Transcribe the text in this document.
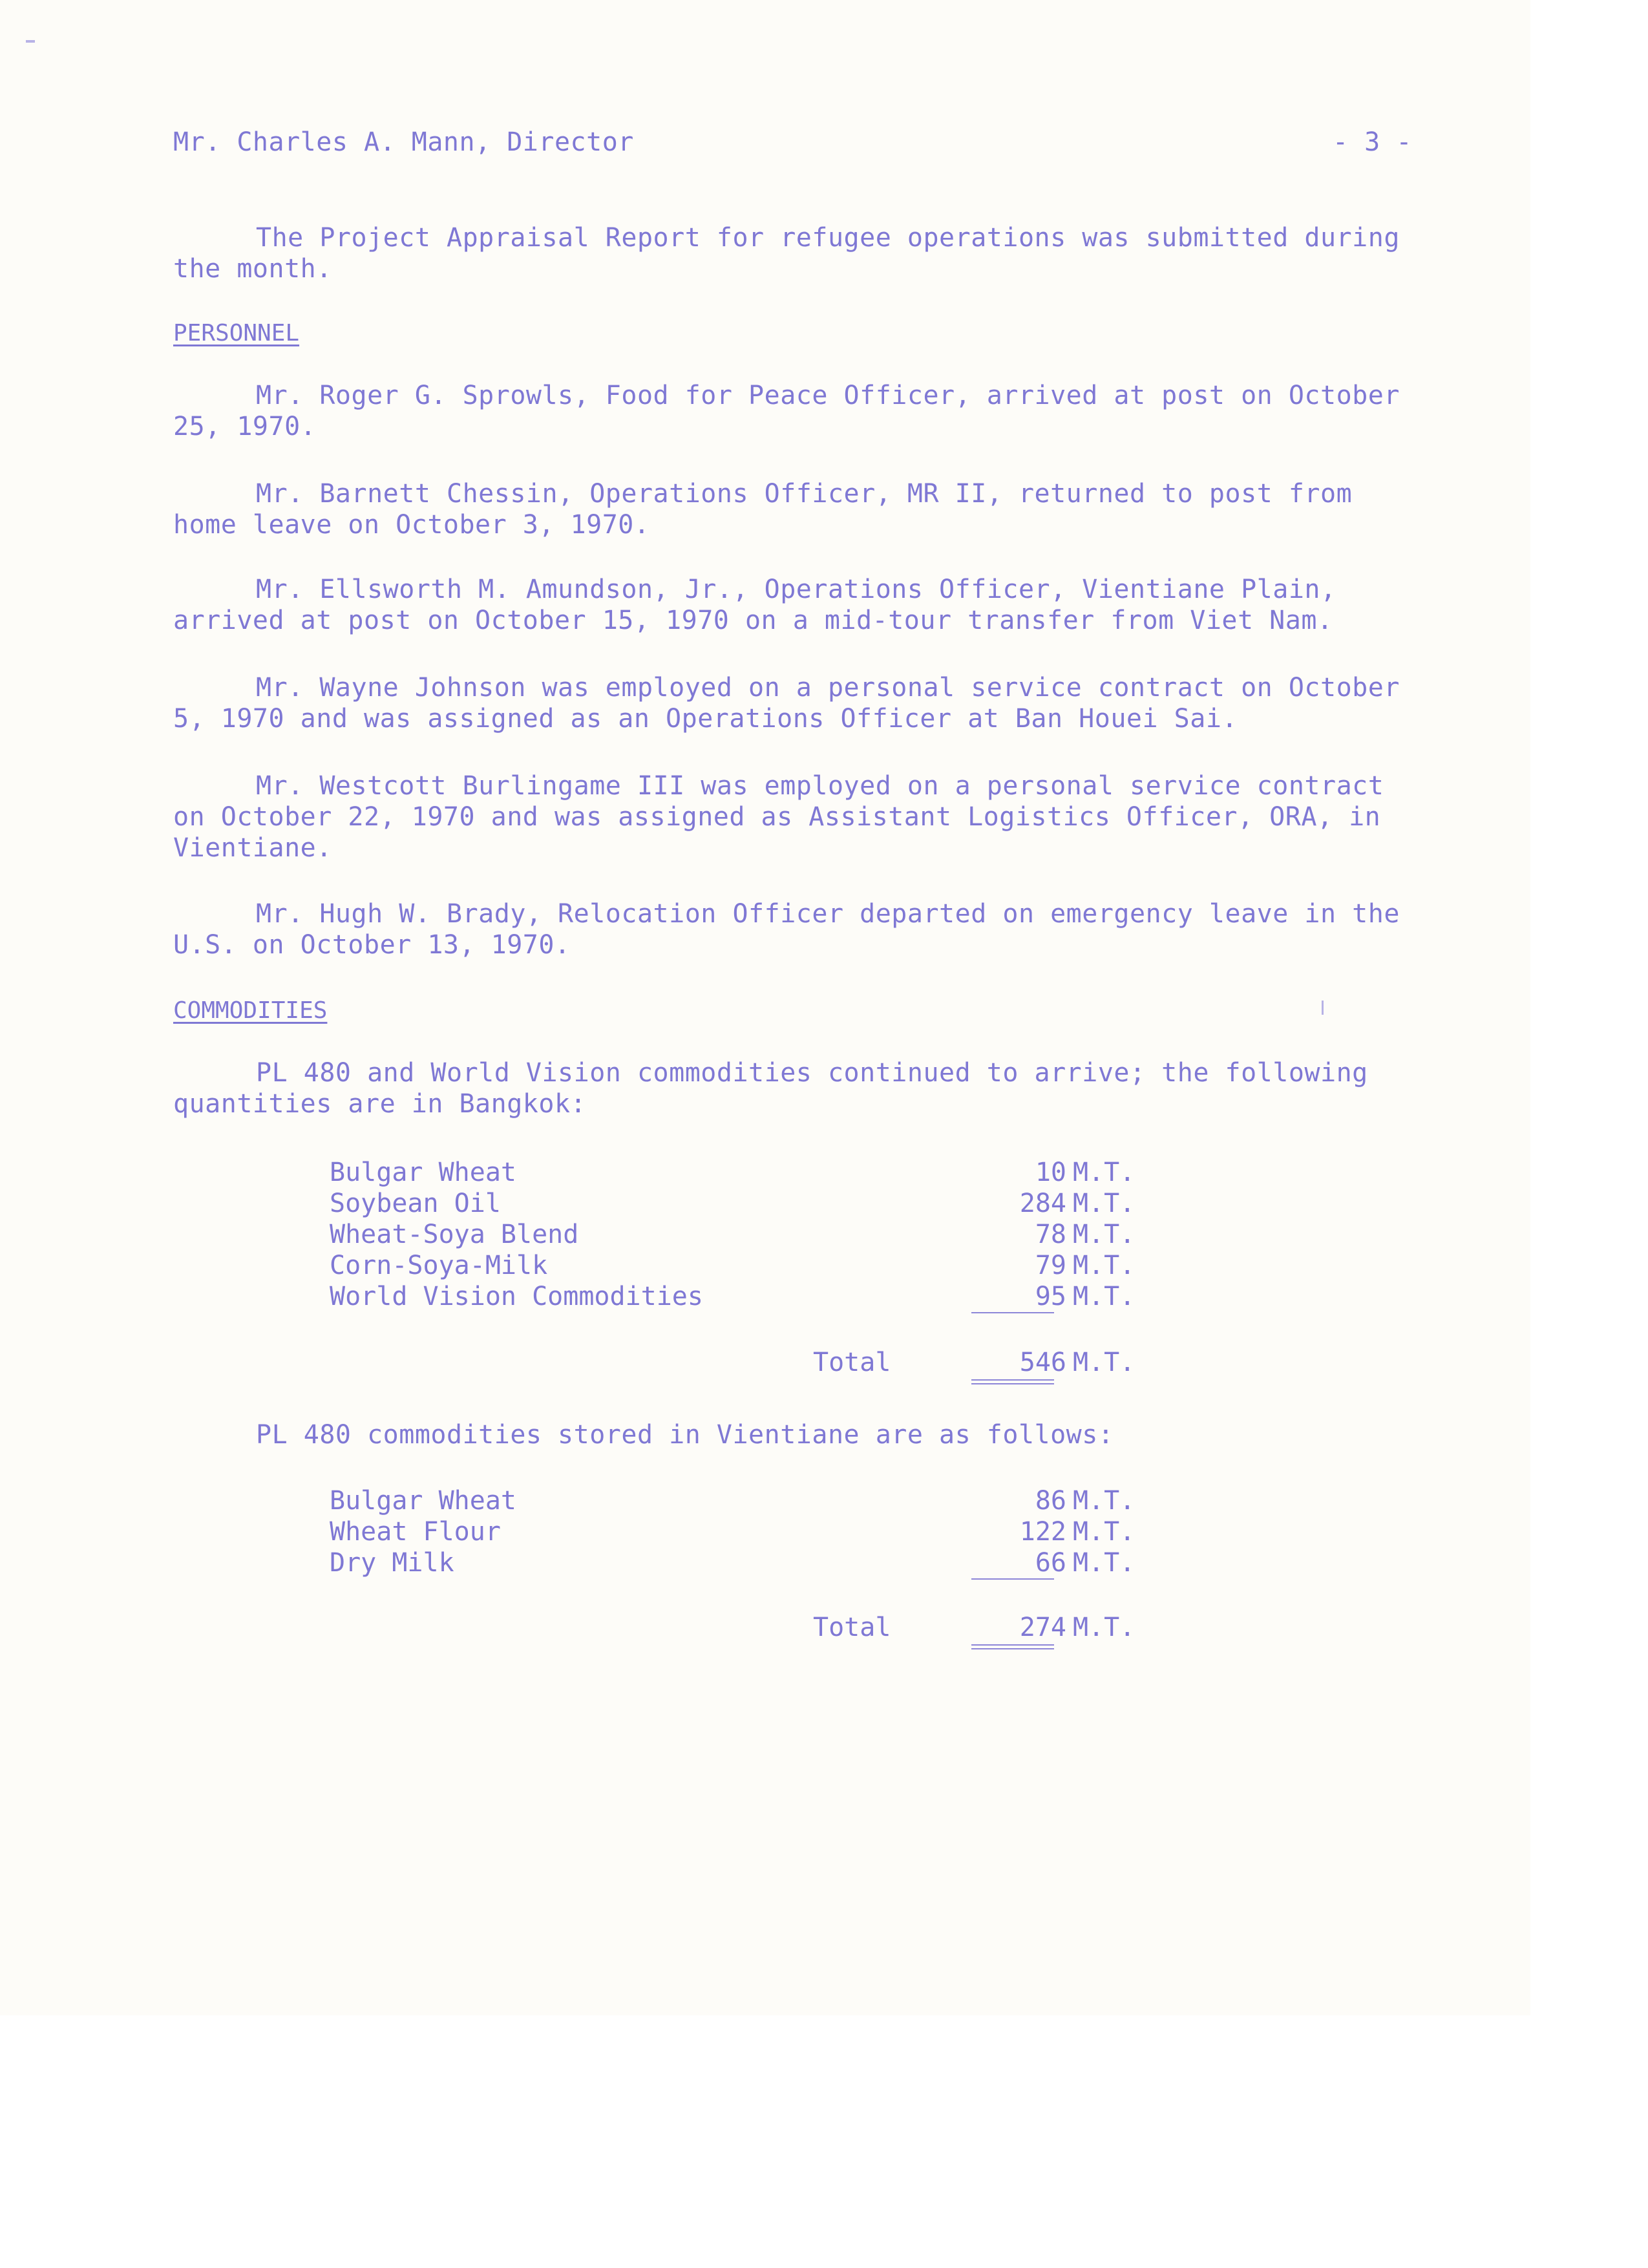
Mr. Charles A. Mann, Director	- 3 -

The Project Appraisal Report for refugee operations was submitted during the month.

PERSONNEL

Mr. Roger G. Sprowls, Food for Peace Officer, arrived at post on October 25, 1970.

Mr. Barnett Chessin, Operations Officer, MR II, returned to post from home leave on October 3, 1970.

Mr. Ellsworth M. Amundson, Jr., Operations Officer, Vientiane Plain, arrived at post on October 15, 1970 on a mid-tour transfer from Viet Nam.

Mr. Wayne Johnson was employed on a personal service contract on October 5, 1970 and was assigned as an Operations Officer at Ban Houei Sai.

Mr. Westcott Burlingame III was employed on a personal service contract on October 22, 1970 and was assigned as Assistant Logistics Officer, ORA, in Vientiane.

Mr. Hugh W. Brady, Relocation Officer departed on emergency leave in the U.S. on October 13, 1970.

COMMODITIES

PL 480 and World Vision commodities continued to arrive; the following quantities are in Bangkok:

Bulgar Wheat	10 M.T.
Soybean Oil	284 M.T.
Wheat-Soya Blend	78 M.T.
Corn-Soya-Milk	79 M.T.
World Vision Commodities	95 M.T.
Total	546 M.T.

PL 480 commodities stored in Vientiane are as follows:

Bulgar Wheat	86 M.T.
Wheat Flour	122 M.T.
Dry Milk	66 M.T.
Total	274 M.T.
